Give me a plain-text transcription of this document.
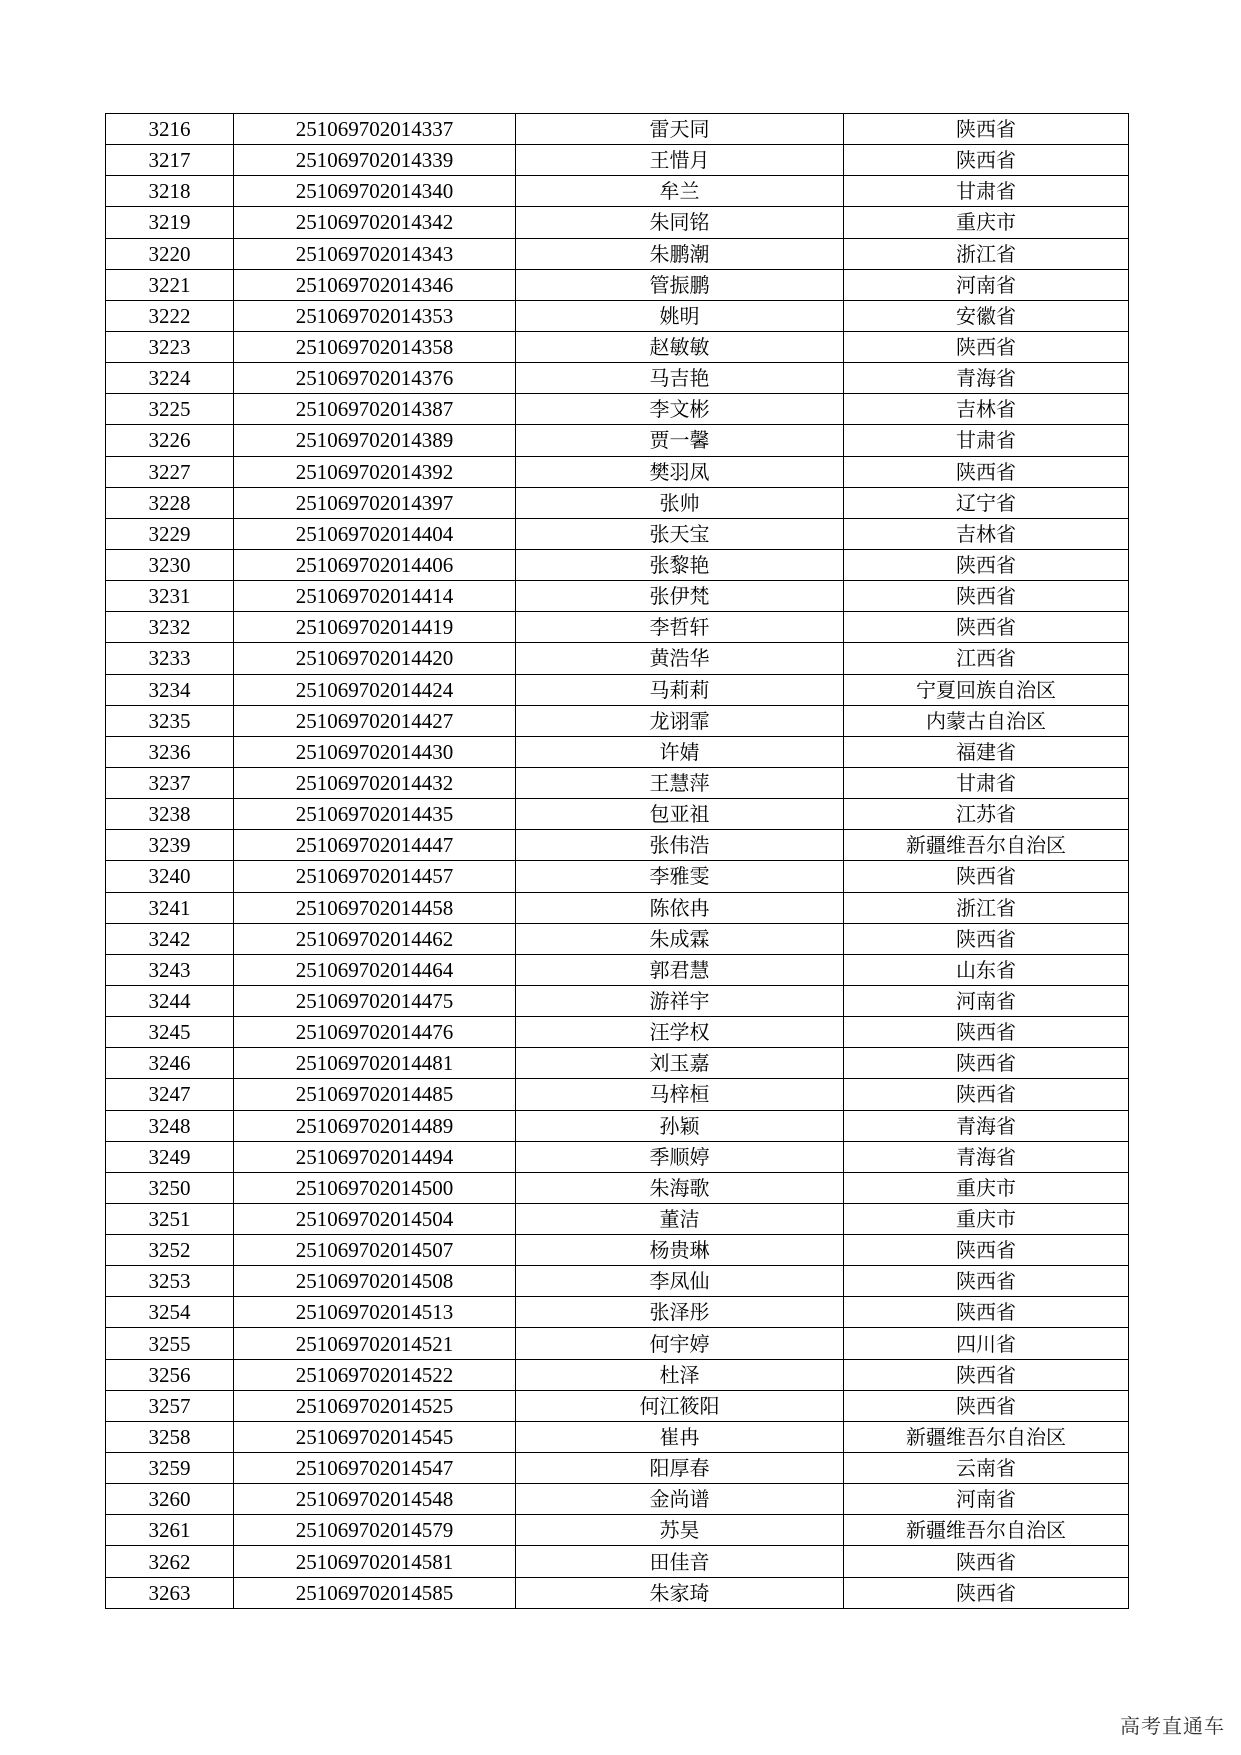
3216	251069702014337	雷天同	陕西省
3217	251069702014339	王惜月	陕西省
3218	251069702014340	牟兰	甘肃省
3219	251069702014342	朱同铭	重庆市
3220	251069702014343	朱鹏潮	浙江省
3221	251069702014346	管振鹏	河南省
3222	251069702014353	姚明	安徽省
3223	251069702014358	赵敏敏	陕西省
3224	251069702014376	马吉艳	青海省
3225	251069702014387	李文彬	吉林省
3226	251069702014389	贾一馨	甘肃省
3227	251069702014392	樊羽凤	陕西省
3228	251069702014397	张帅	辽宁省
3229	251069702014404	张天宝	吉林省
3230	251069702014406	张黎艳	陕西省
3231	251069702014414	张伊梵	陕西省
3232	251069702014419	李哲轩	陕西省
3233	251069702014420	黄浩华	江西省
3234	251069702014424	马莉莉	宁夏回族自治区
3235	251069702014427	龙诩霏	内蒙古自治区
3236	251069702014430	许婧	福建省
3237	251069702014432	王慧萍	甘肃省
3238	251069702014435	包亚祖	江苏省
3239	251069702014447	张伟浩	新疆维吾尔自治区
3240	251069702014457	李雅雯	陕西省
3241	251069702014458	陈依冉	浙江省
3242	251069702014462	朱成霖	陕西省
3243	251069702014464	郭君慧	山东省
3244	251069702014475	游祥宇	河南省
3245	251069702014476	汪学权	陕西省
3246	251069702014481	刘玉嘉	陕西省
3247	251069702014485	马梓桓	陕西省
3248	251069702014489	孙颖	青海省
3249	251069702014494	季顺婷	青海省
3250	251069702014500	朱海歌	重庆市
3251	251069702014504	董洁	重庆市
3252	251069702014507	杨贵琳	陕西省
3253	251069702014508	李凤仙	陕西省
3254	251069702014513	张泽彤	陕西省
3255	251069702014521	何宇婷	四川省
3256	251069702014522	杜泽	陕西省
3257	251069702014525	何江筱阳	陕西省
3258	251069702014545	崔冉	新疆维吾尔自治区
3259	251069702014547	阳厚春	云南省
3260	251069702014548	金尚谱	河南省
3261	251069702014579	苏昊	新疆维吾尔自治区
3262	251069702014581	田佳音	陕西省
3263	251069702014585	朱家琦	陕西省
高考直通车
